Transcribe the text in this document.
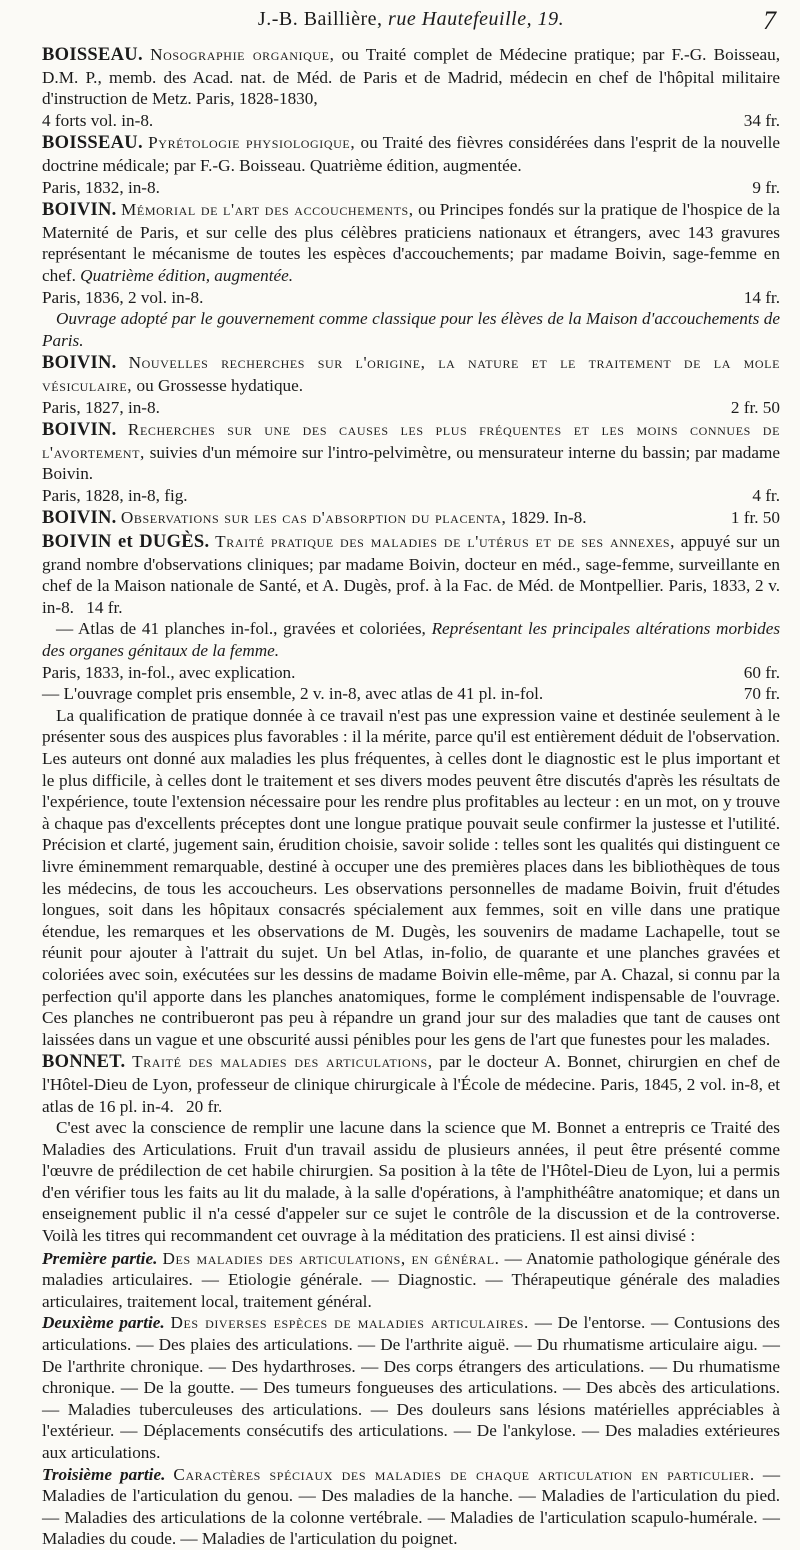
J.-B. Baillière, rue Hautefeuille, 19.	7

BOISSEAU. Nosographie organique, ou Traité complet de Médecine pratique; par F.-G. Boisseau, D.M. P., memb. des Acad. nat. de Méd. de Paris et de Madrid, médecin en chef de l'hôpital militaire d'instruction de Metz. Paris, 1828-1830,

4 forts vol. in-8.	34 fr.

BOISSEAU. Pyrétologie physiologique, ou Traité des fièvres considérées dans l'esprit de la nouvelle doctrine médicale; par F.-G. Boisseau. Quatrième édition, augmentée.

Paris, 1832, in-8.	9 fr.

BOIVIN. Mémorial de l'art des accouchements, ou Principes fondés sur la pratique de l'hospice de la Maternité de Paris, et sur celle des plus célèbres praticiens nationaux et étrangers, avec 143 gravures représentant le mécanisme de toutes les espèces d'accouchements; par madame Boivin, sage-femme en chef. Quatrième édition, augmentée.

Paris, 1836, 2 vol. in-8.	14 fr.

Ouvrage adopté par le gouvernement comme classique pour les élèves de la Maison d'accouchements de Paris.

BOIVIN. Nouvelles recherches sur l'origine, la nature et le traitement de la mole vésiculaire, ou Grossesse hydatique.

Paris, 1827, in-8.	2 fr. 50

BOIVIN. Recherches sur une des causes les plus fréquentes et les moins connues de l'avortement, suivies d'un mémoire sur l'intro-pelvimètre, ou mensurateur interne du bassin; par madame Boivin.

Paris, 1828, in-8, fig.	4 fr.

BOIVIN. Observations sur les cas d'absorption du placenta, 1829. In-8.	1 fr. 50

BOIVIN et DUGÈS. Traité pratique des maladies de l'utérus et de ses annexes, appuyé sur un grand nombre d'observations cliniques; par madame Boivin, docteur en méd., sage-femme, surveillante en chef de la Maison nationale de Santé, et A. Dugès, prof. à la Fac. de Méd. de Montpellier. Paris, 1833, 2 v. in-8. 14 fr.

— Atlas de 41 planches in-fol., gravées et coloriées, Représentant les principales altérations morbides des organes génitaux de la femme.

Paris, 1833, in-fol., avec explication.	60 fr.

— L'ouvrage complet pris ensemble, 2 v. in-8, avec atlas de 41 pl. in-fol.	70 fr.

La qualification de pratique donnée à ce travail n'est pas une expression vaine et destinée seulement à le présenter sous des auspices plus favorables : il la mérite, parce qu'il est entièrement déduit de l'observation. Les auteurs ont donné aux maladies les plus fréquentes, à celles dont le diagnostic est le plus important et le plus difficile, à celles dont le traitement et ses divers modes peuvent être discutés d'après les résultats de l'expérience, toute l'extension nécessaire pour les rendre plus profitables au lecteur : en un mot, on y trouve à chaque pas d'excellents préceptes dont une longue pratique pouvait seule confirmer la justesse et l'utilité. Précision et clarté, jugement sain, érudition choisie, savoir solide : telles sont les qualités qui distinguent ce livre éminemment remarquable, destiné à occuper une des premières places dans les bibliothèques de tous les médecins, de tous les accoucheurs. Les observations personnelles de madame Boivin, fruit d'études longues, soit dans les hôpitaux consacrés spécialement aux femmes, soit en ville dans une pratique étendue, les remarques et les observations de M. Dugès, les souvenirs de madame Lachapelle, tout se réunit pour ajouter à l'attrait du sujet. Un bel Atlas, in-folio, de quarante et une planches gravées et coloriées avec soin, exécutées sur les dessins de madame Boivin elle-même, par A. Chazal, si connu par la perfection qu'il apporte dans les planches anatomiques, forme le complément indispensable de l'ouvrage. Ces planches ne contribueront pas peu à répandre un grand jour sur des maladies que tant de causes ont laissées dans un vague et une obscurité aussi pénibles pour les gens de l'art que funestes pour les malades.

BONNET. Traité des maladies des articulations, par le docteur A. Bonnet, chirurgien en chef de l'Hôtel-Dieu de Lyon, professeur de clinique chirurgicale à l'École de médecine. Paris, 1845, 2 vol. in-8, et atlas de 16 pl. in-4. 20 fr.

C'est avec la conscience de remplir une lacune dans la science que M. Bonnet a entrepris ce Traité des Maladies des Articulations. Fruit d'un travail assidu de plusieurs années, il peut être présenté comme l'œuvre de prédilection de cet habile chirurgien. Sa position à la tête de l'Hôtel-Dieu de Lyon, lui a permis d'en vérifier tous les faits au lit du malade, à la salle d'opérations, à l'amphithéâtre anatomique; et dans un enseignement public il n'a cessé d'appeler sur ce sujet le contrôle de la discussion et de la controverse. Voilà les titres qui recommandent cet ouvrage à la méditation des praticiens. Il est ainsi divisé :

Première partie. Des maladies des articulations, en général. — Anatomie pathologique générale des maladies articulaires. — Etiologie générale. — Diagnostic. — Thérapeutique générale des maladies articulaires, traitement local, traitement général.

Deuxième partie. Des diverses espèces de maladies articulaires. — De l'entorse. — Contusions des articulations. — Des plaies des articulations. — De l'arthrite aiguë. — Du rhumatisme articulaire aigu. — De l'arthrite chronique. — Des hydarthroses. — Des corps étrangers des articulations. — Du rhumatisme chronique. — De la goutte. — Des tumeurs fongueuses des articulations. — Des abcès des articulations. — Maladies tuberculeuses des articulations. — Des douleurs sans lésions matérielles appréciables à l'extérieur. — Déplacements consécutifs des articulations. — De l'ankylose. — Des maladies extérieures aux articulations.

Troisième partie. Caractères spéciaux des maladies de chaque articulation en particulier. — Maladies de l'articulation du genou. — Des maladies de la hanche. — Maladies de l'articulation du pied. — Maladies des articulations de la colonne vertébrale. — Maladies de l'articulation scapulo-humérale. — Maladies du coude. — Maladies de l'articulation du poignet.
